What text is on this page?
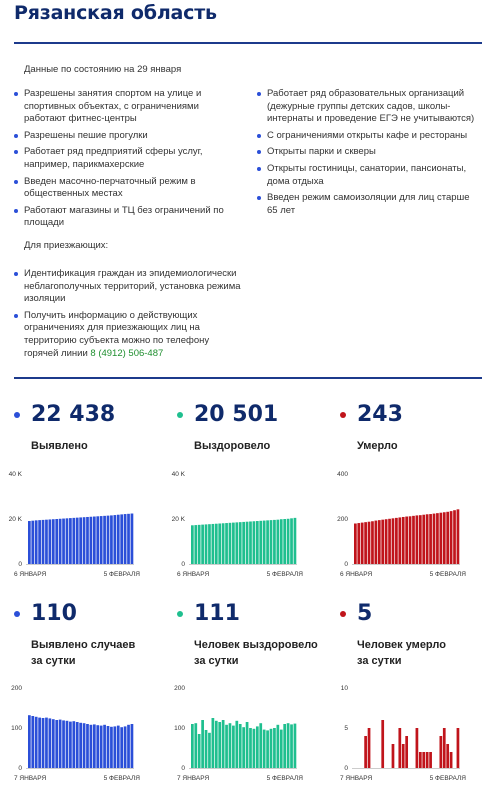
Рязанская область
Данные по состоянию на 29 января
Разрешены занятия спортом на улице и спортивных объектах, с ограничениями работают фитнес-центры
Разрешены пешие прогулки
Работает ряд предприятий сферы услуг, например, парикмахерские
Введен масочно-перчаточный режим в общественных местах
Работают магазины и ТЦ без ограничений по площади
Работает ряд образовательных организаций (дежурные группы детских садов, школы-интернаты и проведение ЕГЭ не учитываются)
С ограничениями открыты кафе и рестораны
Открыты парки и скверы
Открыты гостиницы, санатории, пансионаты, дома отдыха
Введен режим самоизоляции для лиц старше 65 лет
Для приезжающих:
Идентификация граждан из эпидемиологически неблагополучных территорий, установка режима изоляции
Получить информацию о действующих ограничениях для приезжающих лиц на территорию субъекта можно по телефону горячей линии 8 (4912) 506-487
22 438
Выявлено
20 501
Выздоровело
243
Умерло
110
Выявлено случаев
за сутки
111
Человек выздоровело
за сутки
5
Человек умерло
за сутки
0
20 K
40 K
6 ЯНВАРЯ	5 ФЕВРАЛЯ
0
20 K
40 K
6 ЯНВАРЯ	5 ФЕВРАЛЯ
0
200
400
6 ЯНВАРЯ	5 ФЕВРАЛЯ
0
100
200
7 ЯНВАРЯ	5 ФЕВРАЛЯ
0
100
200
7 ЯНВАРЯ	5 ФЕВРАЛЯ
0
5
10
7 ЯНВАРЯ	5 ФЕВРАЛЯ
